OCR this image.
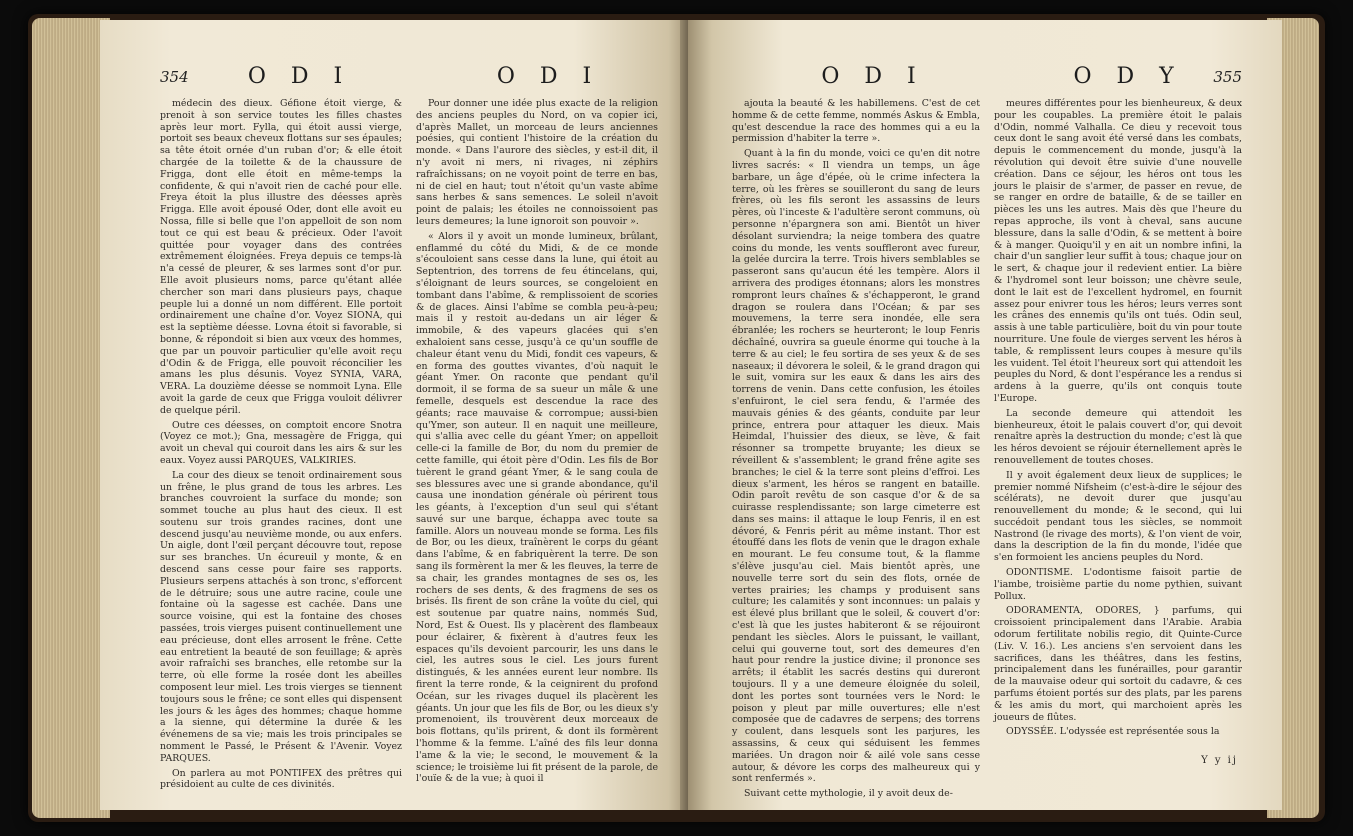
354	O D I	O D I

médecin des dieux. Géfione étoit vierge, & prenoit à son service toutes les filles chastes après leur mort. Fylla, qui étoit aussi vierge, portoit ses beaux cheveux flottans sur ses épaules; sa tête étoit ornée d'un ruban d'or; & elle étoit chargée de la toilette & de la chaussure de Frigga, dont elle étoit en même-temps la confidente, & qui n'avoit rien de caché pour elle. Freya étoit la plus illustre des déesses après Frigga. Elle avoit épousé Oder, dont elle avoit eu Nossa, fille si belle que l'on appelloit de son nom tout ce qui est beau & précieux. Oder l'avoit quittée pour voyager dans des contrées extrêmement éloignées. Freya depuis ce temps-là n'a cessé de pleurer, & ses larmes sont d'or pur. Elle avoit plusieurs noms, parce qu'étant allée chercher son mari dans plusieurs pays, chaque peuple lui a donné un nom différent. Elle portoit ordinairement une chaîne d'or. Voyez SIONA, qui est la septième déesse. Lovna étoit si favorable, si bonne, & répondoit si bien aux vœux des hommes, que par un pouvoir particulier qu'elle avoit reçu d'Odin & de Frigga, elle pouvoit réconcilier les amans les plus désunis. Voyez SYNIA, VARA, VERA. La douzième déesse se nommoit Lyna. Elle avoit la garde de ceux que Frigga vouloit délivrer de quelque péril.

Outre ces déesses, on comptoit encore Snotra (Voyez ce mot.); Gna, messagère de Frigga, qui avoit un cheval qui couroit dans les airs & sur les eaux. Voyez aussi PARQUES, VALKIRIES.

La cour des dieux se tenoit ordinairement sous un frêne, le plus grand de tous les arbres. Les branches couvroient la surface du monde; son sommet touche au plus haut des cieux. Il est soutenu sur trois grandes racines, dont une descend jusqu'au neuvième monde, ou aux enfers. Un aigle, dont l'œil perçant découvre tout, repose sur ses branches. Un écureuil y monte, & en descend sans cesse pour faire ses rapports. Plusieurs serpens attachés à son tronc, s'efforcent de le détruire; sous une autre racine, coule une fontaine où la sagesse est cachée. Dans une source voisine, qui est la fontaine des choses passées, trois vierges puisent continuellement une eau précieuse, dont elles arrosent le frêne. Cette eau entretient la beauté de son feuillage; & après avoir rafraîchi ses branches, elle retombe sur la terre, où elle forme la rosée dont les abeilles composent leur miel. Les trois vierges se tiennent toujours sous le frêne; ce sont elles qui dispensent les jours & les âges des hommes; chaque homme a la sienne, qui détermine la durée & les événemens de sa vie; mais les trois principales se nomment le Passé, le Présent & l'Avenir. Voyez PARQUES.

On parlera au mot PONTIFEX des prêtres qui présidoient au culte de ces divinités.

Pour donner une idée plus exacte de la religion des anciens peuples du Nord, on va copier ici, d'après Mallet, un morceau de leurs anciennes poésies, qui contient l'histoire de la création du monde. « Dans l'aurore des siècles, y est-il dit, il n'y avoit ni mers, ni rivages, ni zéphirs rafraîchissans; on ne voyoit point de terre en bas, ni de ciel en haut; tout n'étoit qu'un vaste abîme sans herbes & sans semences. Le soleil n'avoit point de palais; les étoiles ne connoissoient pas leurs demeures; la lune ignoroit son pouvoir ».

« Alors il y avoit un monde lumineux, brûlant, enflammé du côté du Midi, & de ce monde s'écouloient sans cesse dans la lune, qui étoit au Septentrion, des torrens de feu étincelans, qui, s'éloignant de leurs sources, se congeloient en tombant dans l'abîme, & remplissoient de scories & de glaces. Ainsi l'abîme se combla peu-à-peu; mais il y restoit au-dedans un air léger & immobile, & des vapeurs glacées qui s'en exhaloient sans cesse, jusqu'à ce qu'un souffle de chaleur étant venu du Midi, fondit ces vapeurs, & en forma des gouttes vivantes, d'où naquit le géant Ymer. On raconte que pendant qu'il dormoit, il se forma de sa sueur un mâle & une femelle, desquels est descendue la race des géants; race mauvaise & corrompue; aussi-bien qu'Ymer, son auteur. Il en naquit une meilleure, qui s'allia avec celle du géant Ymer; on appelloit celle-ci la famille de Bor, du nom du premier de cette famille, qui étoit père d'Odin. Les fils de Bor tuèrent le grand géant Ymer, & le sang coula de ses blessures avec une si grande abondance, qu'il causa une inondation générale où périrent tous les géants, à l'exception d'un seul qui s'étant sauvé sur une barque, échappa avec toute sa famille. Alors un nouveau monde se forma. Les fils de Bor, ou les dieux, traînèrent le corps du géant dans l'abîme, & en fabriquèrent la terre. De son sang ils formèrent la mer & les fleuves, la terre de sa chair, les grandes montagnes de ses os, les rochers de ses dents, & des fragmens de ses os brisés. Ils firent de son crâne la voûte du ciel, qui est soutenue par quatre nains, nommés Sud, Nord, Est & Ouest. Ils y placèrent des flambeaux pour éclairer, & fixèrent à d'autres feux les espaces qu'ils devoient parcourir, les uns dans le ciel, les autres sous le ciel. Les jours furent distingués, & les années eurent leur nombre. Ils firent la terre ronde, & la ceignirent du profond Océan, sur les rivages duquel ils placèrent les géants. Un jour que les fils de Bor, ou les dieux s'y promenoient, ils trouvèrent deux morceaux de bois flottans, qu'ils prirent, & dont ils formèrent l'homme & la femme. L'aîné des fils leur donna l'ame & la vie; le second, le mouvement & la science; le troisième lui fit présent de la parole, de l'ouïe & de la vue; à quoi il

O D I	O D Y 355

ajouta la beauté & les habillemens. C'est de cet homme & de cette femme, nommés Askus & Embla, qu'est descendue la race des hommes qui a eu la permission d'habiter la terre ».

Quant à la fin du monde, voici ce qu'en dit notre livres sacrés: « Il viendra un temps, un âge barbare, un âge d'épée, où le crime infectera la terre, où les frères se souilleront du sang de leurs frères, où les fils seront les assassins de leurs pères, où l'inceste & l'adultère seront communs, où personne n'épargnera son ami. Bientôt un hiver désolant surviendra; la neige tombera des quatre coins du monde, les vents souffleront avec fureur, la gelée durcira la terre. Trois hivers semblables se passeront sans qu'aucun été les tempère. Alors il arrivera des prodiges étonnans; alors les monstres rompront leurs chaînes & s'échapperont, le grand dragon se roulera dans l'Océan; & par ses mouvemens, la terre sera inondée, elle sera ébranlée; les rochers se heurteront; le loup Fenris déchaîné, ouvrira sa gueule énorme qui touche à la terre & au ciel; le feu sortira de ses yeux & de ses naseaux; il dévorera le soleil, & le grand dragon qui le suit, vomira sur les eaux & dans les airs des torrens de venin. Dans cette confusion, les étoiles s'enfuiront, le ciel sera fendu, & l'armée des mauvais génies & des géants, conduite par leur prince, entrera pour attaquer les dieux. Mais Heimdal, l'huissier des dieux, se lève, & fait résonner sa trompette bruyante; les dieux se réveillent & s'assemblent; le grand frêne agite ses branches; le ciel & la terre sont pleins d'effroi. Les dieux s'arment, les héros se rangent en bataille. Odin paroît revêtu de son casque d'or & de sa cuirasse resplendissante; son large cimeterre est dans ses mains: il attaque le loup Fenris, il en est dévoré, & Fenris périt au même instant. Thor est étouffé dans les flots de venin que le dragon exhale en mourant. Le feu consume tout, & la flamme s'élève jusqu'au ciel. Mais bientôt après, une nouvelle terre sort du sein des flots, ornée de vertes prairies; les champs y produisent sans culture; les calamités y sont inconnues: un palais y est élevé plus brillant que le soleil, & couvert d'or: c'est là que les justes habiteront & se réjouiront pendant les siècles. Alors le puissant, le vaillant, celui qui gouverne tout, sort des demeures d'en haut pour rendre la justice divine; il prononce ses arrêts; il établit les sacrés destins qui dureront toujours. Il y a une demeure éloignée du soleil, dont les portes sont tournées vers le Nord: le poison y pleut par mille ouvertures; elle n'est composée que de cadavres de serpens; des torrens y coulent, dans lesquels sont les parjures, les assassins, & ceux qui séduisent les femmes mariées. Un dragon noir & ailé vole sans cesse autour, & dévore les corps des malheureux qui y sont renfermés ».

Suivant cette mythologie, il y avoit deux de-

meures différentes pour les bienheureux, & deux pour les coupables. La première étoit le palais d'Odin, nommé Valhalla. Ce dieu y recevoit tous ceux dont le sang avoit été versé dans les combats, depuis le commencement du monde, jusqu'à la révolution qui devoit être suivie d'une nouvelle création. Dans ce séjour, les héros ont tous les jours le plaisir de s'armer, de passer en revue, de se ranger en ordre de bataille, & de se tailler en pièces les uns les autres. Mais dès que l'heure du repas approche, ils vont à cheval, sans aucune blessure, dans la salle d'Odin, & se mettent à boire & à manger. Quoiqu'il y en ait un nombre infini, la chair d'un sanglier leur suffit à tous; chaque jour on le sert, & chaque jour il redevient entier. La bière & l'hydromel sont leur boisson; une chèvre seule, dont le lait est de l'excellent hydromel, en fournit assez pour enivrer tous les héros; leurs verres sont les crânes des ennemis qu'ils ont tués. Odin seul, assis à une table particulière, boit du vin pour toute nourriture. Une foule de vierges servent les héros à table, & remplissent leurs coupes à mesure qu'ils les vuident. Tel étoit l'heureux sort qui attendoit les peuples du Nord, & dont l'espérance les a rendus si ardens à la guerre, qu'ils ont conquis toute l'Europe.

La seconde demeure qui attendoit les bienheureux, étoit le palais couvert d'or, qui devoit renaître après la destruction du monde; c'est là que les héros devoient se réjouir éternellement après le renouvellement de toutes choses.

Il y avoit également deux lieux de supplices; le premier nommé Nifsheim (c'est-à-dire le séjour des scélérats), ne devoit durer que jusqu'au renouvellement du monde; & le second, qui lui succédoit pendant tous les siècles, se nommoit Nastrond (le rivage des morts), & l'on vient de voir, dans la description de la fin du monde, l'idée que s'en formoient les anciens peuples du Nord.

ODONTISME. L'odontisme faisoit partie de l'iambe, troisième partie du nome pythien, suivant Pollux.

ODORAMENTA, ODORES, } parfums, qui croissoient principalement dans l'Arabie. Arabia odorum fertilitate nobilis regio, dit Quinte-Curce (Liv. V. 16.). Les anciens s'en servoient dans les sacrifices, dans les théâtres, dans les festins, principalement dans les funérailles, pour garantir de la mauvaise odeur qui sortoit du cadavre, & ces parfums étoient portés sur des plats, par les parens & les amis du mort, qui marchoient après les joueurs de flûtes.

ODYSSÉE. L'odyssée est représentée sous la

Y y ij
